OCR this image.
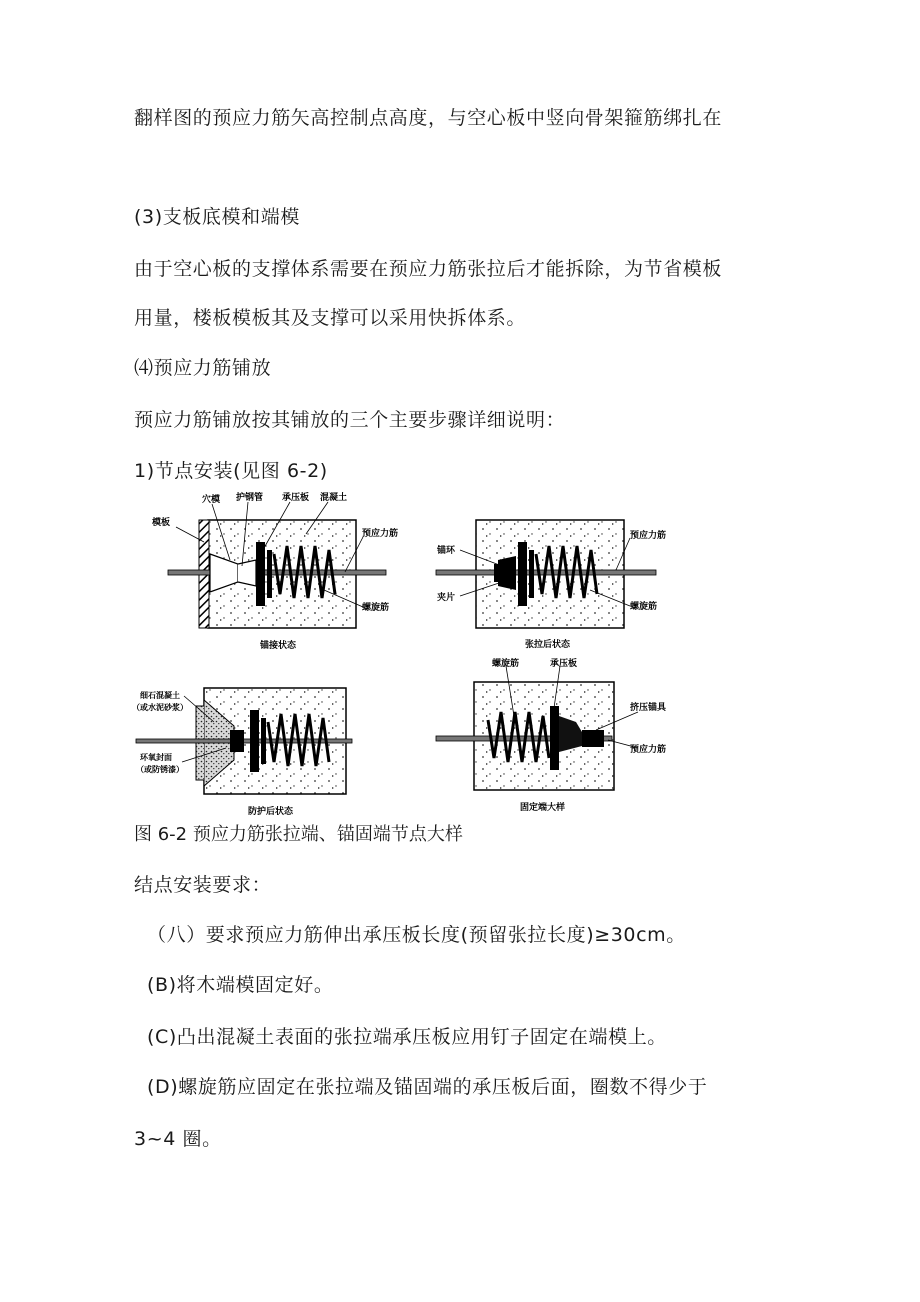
翻样图的预应力筋矢高控制点高度，与空心板中竖向骨架箍筋绑扎在
(3)支板底模和端模
由于空心板的支撑体系需要在预应力筋张拉后才能拆除，为节省模板
用量，楼板模板其及支撑可以采用快拆体系。
⑷预应力筋铺放
预应力筋铺放按其铺放的三个主要步骤详细说明：
1)节点安装(见图 6-2)
模板
穴模 护钢管 承压板 混凝土
预应力筋
螺旋筋
锚接状态
锚环
夹片
预应力筋
螺旋筋
张拉后状态
细石混凝土
（或水泥砂浆）
环氧封面
（或防锈漆）
防护后状态
螺旋筋	承压板
挤压锚具
预应力筋
固定端大样
图 6-2 预应力筋张拉端、锚固端节点大样
结点安装要求：
（八）要求预应力筋伸出承压板长度(预留张拉长度)≥30cm。
(B)将木端模固定好。
(C)凸出混凝土表面的张拉端承压板应用钉子固定在端模上。
(D)螺旋筋应固定在张拉端及锚固端的承压板后面，圈数不得少于
3~4 圈。
